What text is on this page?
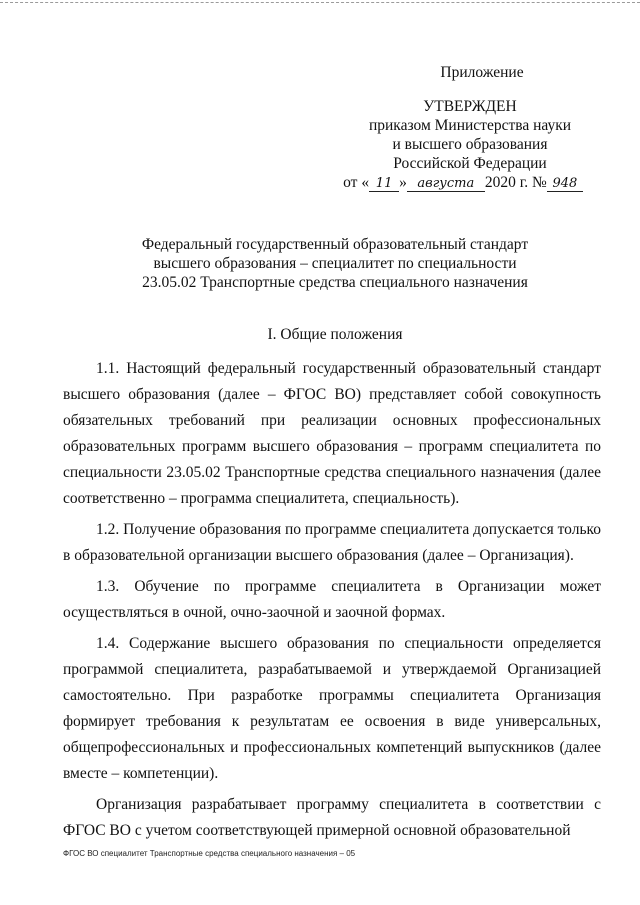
Приложение
УТВЕРЖДЕН
приказом Министерства науки
и высшего образования
Российской Федерации
от « 11 » августа 2020 г. № 948
Федеральный государственный образовательный стандарт
высшего образования – специалитет по специальности
23.05.02 Транспортные средства специального назначения
I. Общие положения

1.1. Настоящий федеральный государственный образовательный стандарт высшего образования (далее – ФГОС ВО) представляет собой совокупность обязательных требований при реализации основных профессиональных образовательных программ высшего образования – программ специалитета по специальности 23.05.02 Транспортные средства специального назначения (далее соответственно – программа специалитета, специальность).

1.2. Получение образования по программе специалитета допускается только в образовательной организации высшего образования (далее – Организация).

1.3. Обучение по программе специалитета в Организации может осуществляться в очной, очно-заочной и заочной формах.

1.4. Содержание высшего образования по специальности определяется программой специалитета, разрабатываемой и утверждаемой Организацией самостоятельно. При разработке программы специалитета Организация формирует требования к результатам ее освоения в виде универсальных, общепрофессиональных и профессиональных компетенций выпускников (далее вместе – компетенции).

Организация разрабатывает программу специалитета в соответствии с ФГОС ВО с учетом соответствующей примерной основной образовательной

ФГОС ВО специалитет Транспортные средства специального назначения – 05
